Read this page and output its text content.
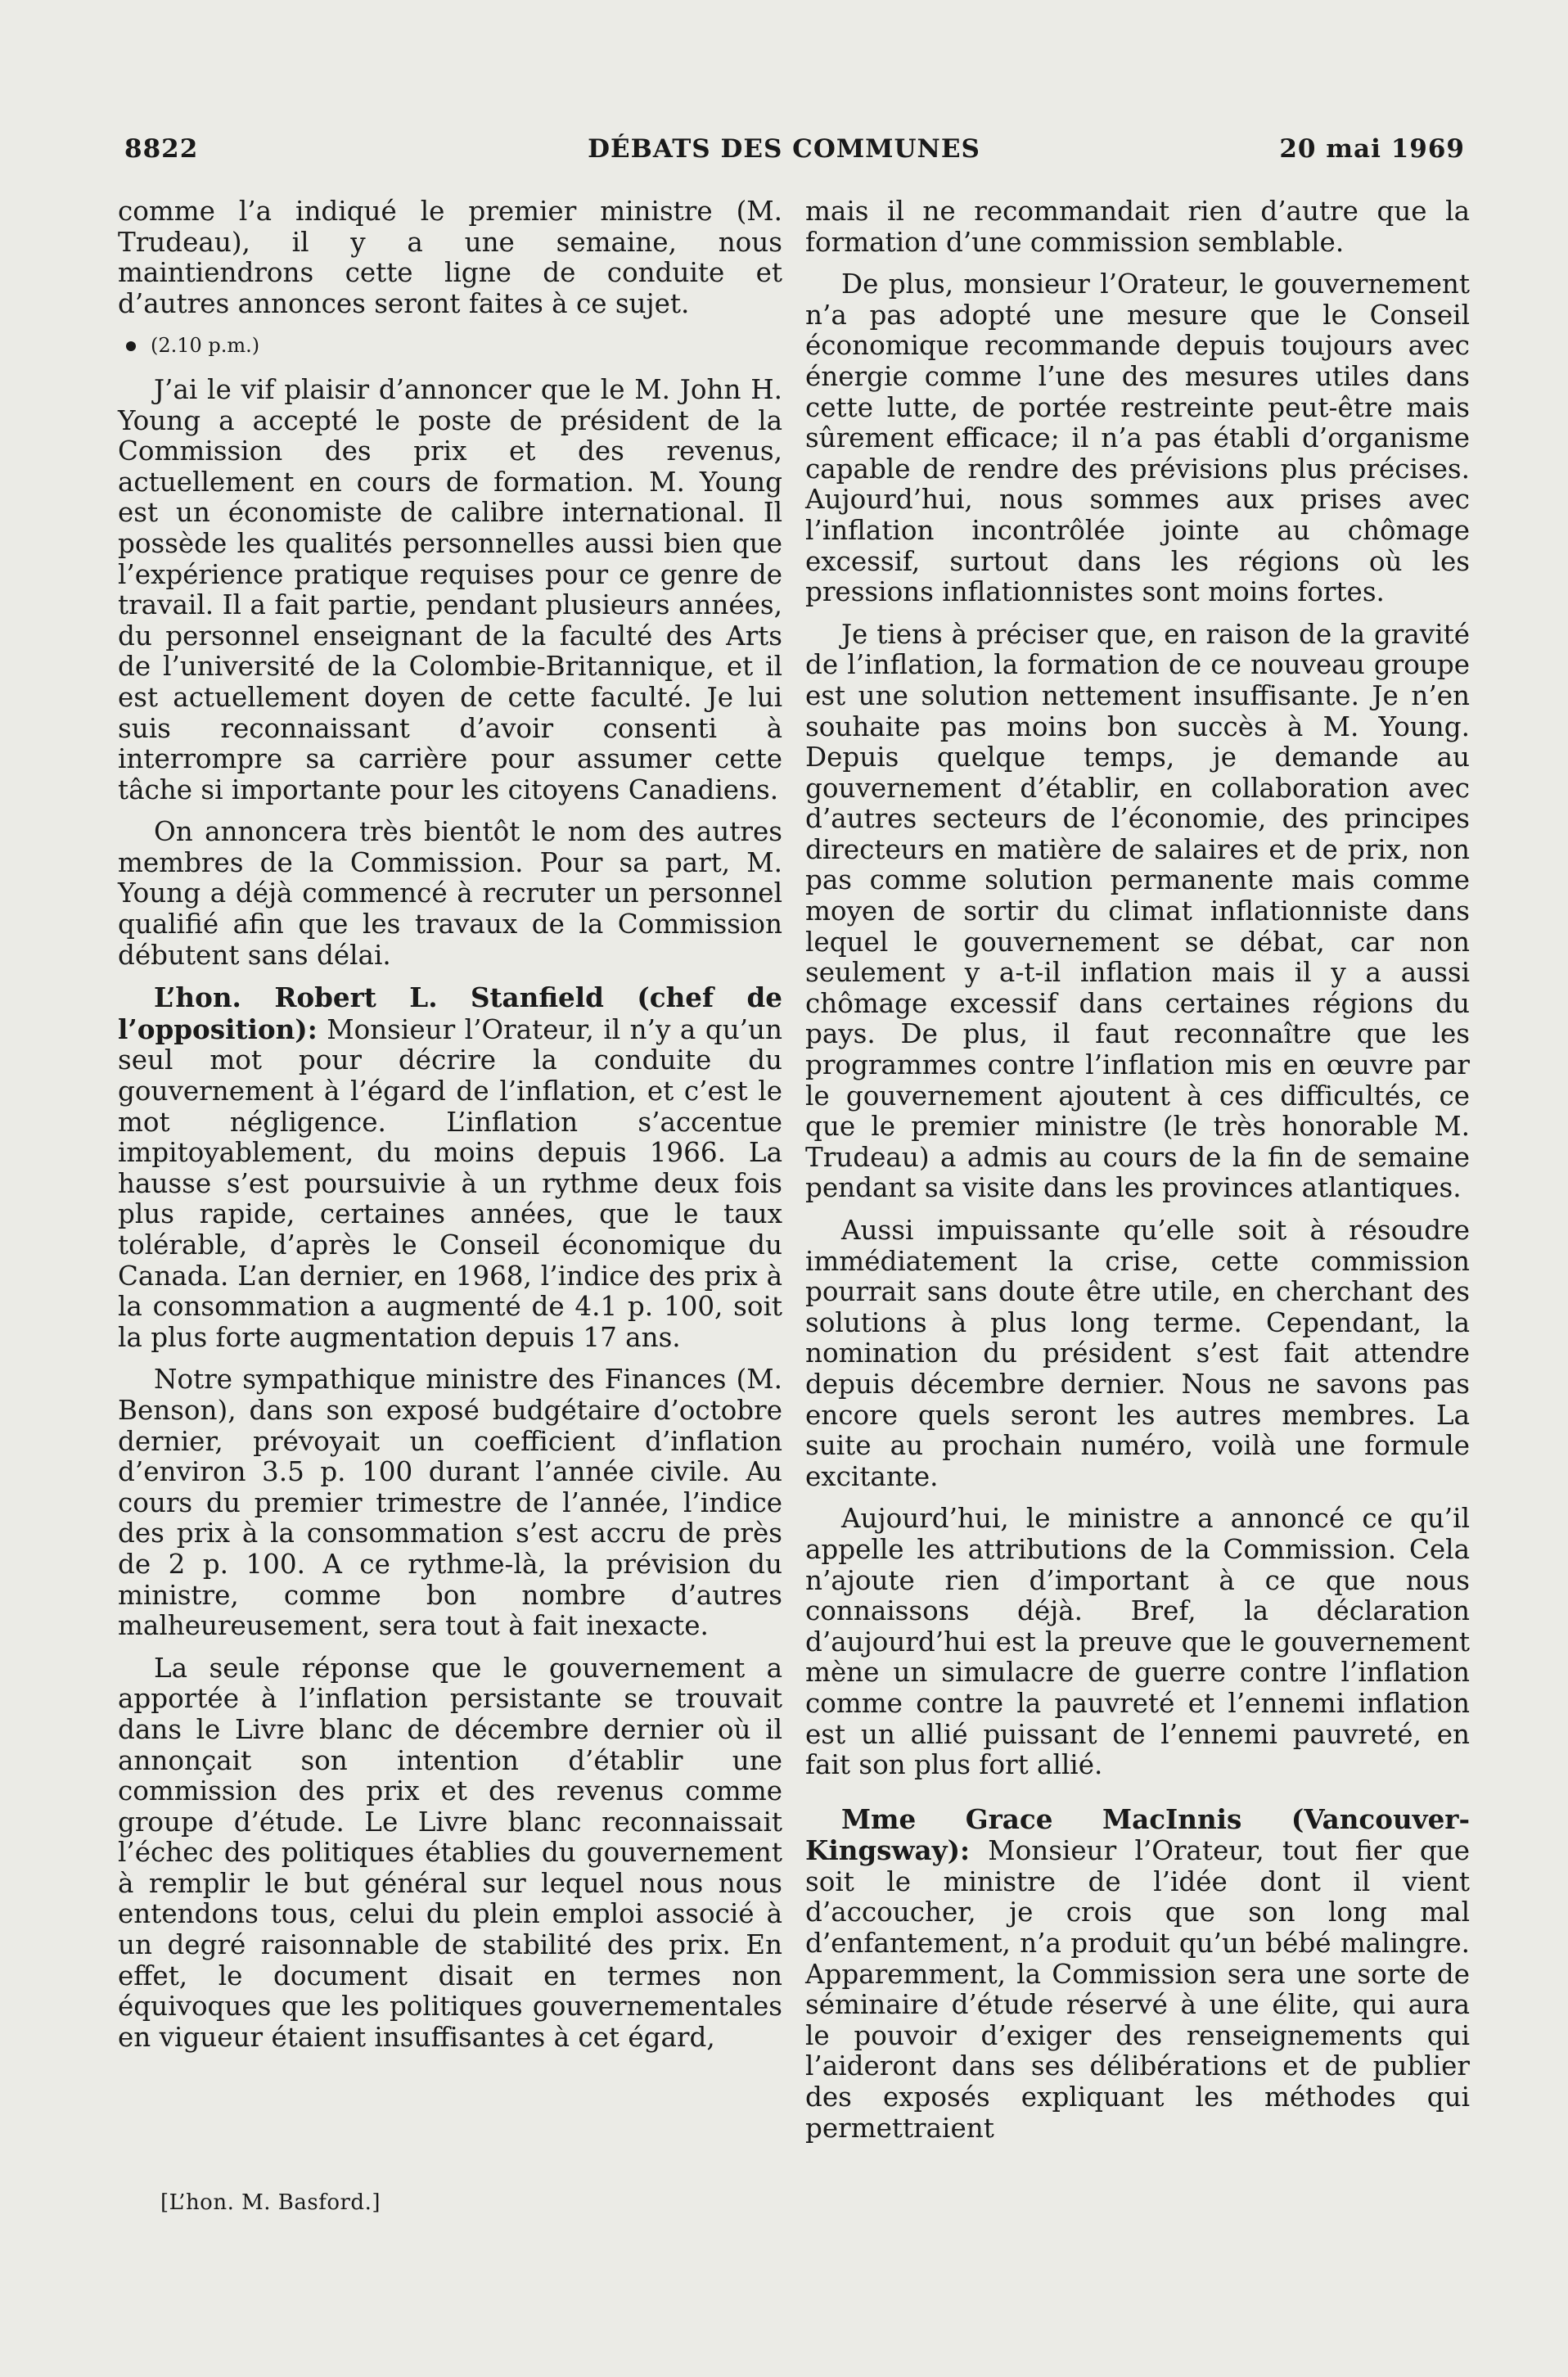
8822	DÉBATS DES COMMUNES	20 mai 1969

comme l’a indiqué le premier ministre (M. Trudeau), il y a une semaine, nous maintiendrons cette ligne de conduite et d’autres annonces seront faites à ce sujet.

(2.10 p.m.)

J’ai le vif plaisir d’annoncer que le M. John H. Young a accepté le poste de président de la Commission des prix et des revenus, actuellement en cours de formation. M. Young est un économiste de calibre international. Il possède les qualités personnelles aussi bien que l’expérience pratique requises pour ce genre de travail. Il a fait partie, pendant plusieurs années, du personnel enseignant de la faculté des Arts de l’université de la Colombie-Britannique, et il est actuellement doyen de cette faculté. Je lui suis reconnaissant d’avoir consenti à interrompre sa carrière pour assumer cette tâche si importante pour les citoyens Canadiens.

On annoncera très bientôt le nom des autres membres de la Commission. Pour sa part, M. Young a déjà commencé à recruter un personnel qualifié afin que les travaux de la Commission débutent sans délai.

L’hon. Robert L. Stanfield (chef de l’opposition): Monsieur l’Orateur, il n’y a qu’un seul mot pour décrire la conduite du gouvernement à l’égard de l’inflation, et c’est le mot négligence. L’inflation s’accentue impitoyablement, du moins depuis 1966. La hausse s’est poursuivie à un rythme deux fois plus rapide, certaines années, que le taux tolérable, d’après le Conseil économique du Canada. L’an dernier, en 1968, l’indice des prix à la consommation a augmenté de 4.1 p. 100, soit la plus forte augmentation depuis 17 ans.

Notre sympathique ministre des Finances (M. Benson), dans son exposé budgétaire d’octobre dernier, prévoyait un coefficient d’inflation d’environ 3.5 p. 100 durant l’année civile. Au cours du premier trimestre de l’année, l’indice des prix à la consommation s’est accru de près de 2 p. 100. A ce rythme-là, la prévision du ministre, comme bon nombre d’autres malheureusement, sera tout à fait inexacte.

La seule réponse que le gouvernement a apportée à l’inflation persistante se trouvait dans le Livre blanc de décembre dernier où il annonçait son intention d’établir une commission des prix et des revenus comme groupe d’étude. Le Livre blanc reconnaissait l’échec des politiques établies du gouvernement à remplir le but général sur lequel nous nous entendons tous, celui du plein emploi associé à un degré raisonnable de stabilité des prix. En effet, le document disait en termes non équivoques que les politiques gouvernementales en vigueur étaient insuffisantes à cet égard,

mais il ne recommandait rien d’autre que la formation d’une commission semblable.

De plus, monsieur l’Orateur, le gouvernement n’a pas adopté une mesure que le Conseil économique recommande depuis toujours avec énergie comme l’une des mesures utiles dans cette lutte, de portée restreinte peut-être mais sûrement efficace; il n’a pas établi d’organisme capable de rendre des prévisions plus précises. Aujourd’hui, nous sommes aux prises avec l’inflation incontrôlée jointe au chômage excessif, surtout dans les régions où les pressions inflationnistes sont moins fortes.

Je tiens à préciser que, en raison de la gravité de l’inflation, la formation de ce nouveau groupe est une solution nettement insuffisante. Je n’en souhaite pas moins bon succès à M. Young. Depuis quelque temps, je demande au gouvernement d’établir, en collaboration avec d’autres secteurs de l’économie, des principes directeurs en matière de salaires et de prix, non pas comme solution permanente mais comme moyen de sortir du climat inflationniste dans lequel le gouvernement se débat, car non seulement y a-t-il inflation mais il y a aussi chômage excessif dans certaines régions du pays. De plus, il faut reconnaître que les programmes contre l’inflation mis en œuvre par le gouvernement ajoutent à ces difficultés, ce que le premier ministre (le très honorable M. Trudeau) a admis au cours de la fin de semaine pendant sa visite dans les provinces atlantiques.

Aussi impuissante qu’elle soit à résoudre immédiatement la crise, cette commission pourrait sans doute être utile, en cherchant des solutions à plus long terme. Cependant, la nomination du président s’est fait attendre depuis décembre dernier. Nous ne savons pas encore quels seront les autres membres. La suite au prochain numéro, voilà une formule excitante.

Aujourd’hui, le ministre a annoncé ce qu’il appelle les attributions de la Commission. Cela n’ajoute rien d’important à ce que nous connaissons déjà. Bref, la déclaration d’aujourd’hui est la preuve que le gouvernement mène un simulacre de guerre contre l’inflation comme contre la pauvreté et l’ennemi inflation est un allié puissant de l’ennemi pauvreté, en fait son plus fort allié.

Mme Grace MacInnis (Vancouver-Kingsway): Monsieur l’Orateur, tout fier que soit le ministre de l’idée dont il vient d’accoucher, je crois que son long mal d’enfantement, n’a produit qu’un bébé malingre. Apparemment, la Commission sera une sorte de séminaire d’étude réservé à une élite, qui aura le pouvoir d’exiger des renseignements qui l’aideront dans ses délibérations et de publier des exposés expliquant les méthodes qui permettraient

[L’hon. M. Basford.]
